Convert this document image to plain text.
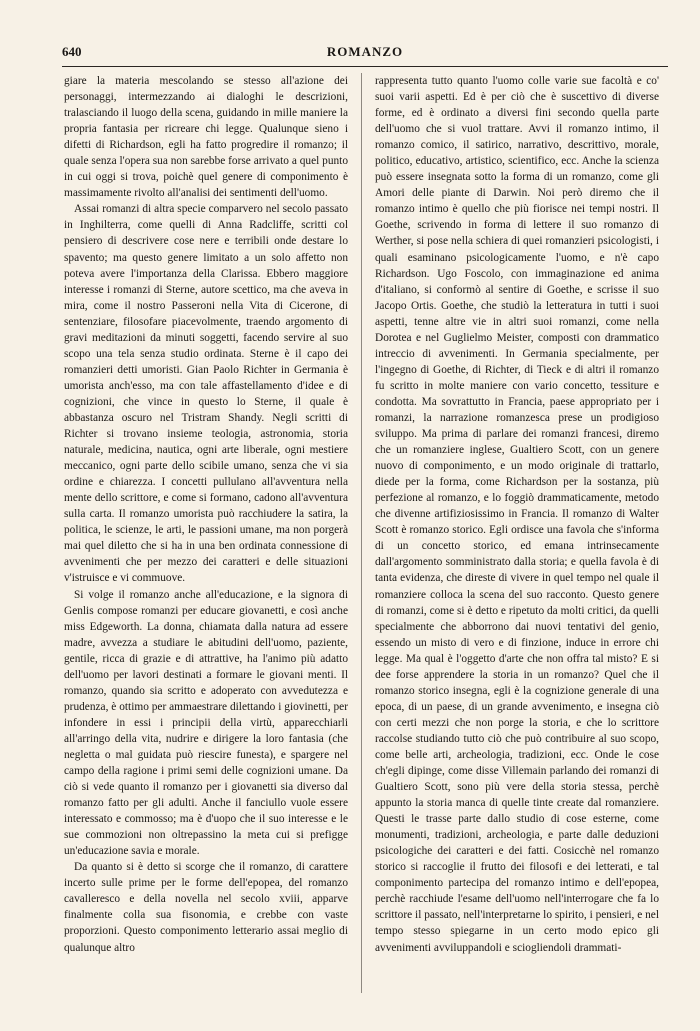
640	ROMANZO

giare la materia mescolando se stesso all'azione dei personaggi, intermezzando ai dialoghi le descrizioni, tralasciando il luogo della scena, guidando in mille maniere la propria fantasia per ricreare chi legge. Qualunque sieno i difetti di Richardson, egli ha fatto progredire il romanzo; il quale senza l'opera sua non sarebbe forse arrivato a quel punto in cui oggi si trova, poichè quel genere di componimento è massimamente rivolto all'analisi dei sentimenti dell'uomo.

Assai romanzi di altra specie comparvero nel secolo passato in Inghilterra, come quelli di Anna Radcliffe, scritti col pensiero di descrivere cose nere e terribili onde destare lo spavento; ma questo genere limitato a un solo affetto non poteva avere l'importanza della Clarissa. Ebbero maggiore interesse i romanzi di Sterne, autore scettico, ma che aveva in mira, come il nostro Passeroni nella Vita di Cicerone, di sentenziare, filosofare piacevolmente, traendo argomento di gravi meditazioni da minuti soggetti, facendo servire al suo scopo una tela senza studio ordinata. Sterne è il capo dei romanzieri detti umoristi. Gian Paolo Richter in Germania è umorista anch'esso, ma con tale affastellamento d'idee e di cognizioni, che vince in questo lo Sterne, il quale è abbastanza oscuro nel Tristram Shandy. Negli scritti di Richter si trovano insieme teologia, astronomia, storia naturale, medicina, nautica, ogni arte liberale, ogni mestiere meccanico, ogni parte dello scibile umano, senza che vi sia ordine e chiarezza. I concetti pullulano all'avventura nella mente dello scrittore, e come si formano, cadono all'avventura sulla carta. Il romanzo umorista può racchiudere la satira, la politica, le scienze, le arti, le passioni umane, ma non porgerà mai quel diletto che si ha in una ben ordinata connessione di avvenimenti che per mezzo dei caratteri e delle situazioni v'istruisce e vi commuove.

Si volge il romanzo anche all'educazione, e la signora di Genlis compose romanzi per educare giovanetti, e così anche miss Edgeworth. La donna, chiamata dalla natura ad essere madre, avvezza a studiare le abitudini dell'uomo, paziente, gentile, ricca di grazie e di attrattive, ha l'animo più adatto dell'uomo per lavori destinati a formare le giovani menti. Il romanzo, quando sia scritto e adoperato con avvedutezza e prudenza, è ottimo per ammaestrare dilettando i giovinetti, per infondere in essi i principii della virtù, apparecchiarli all'arringo della vita, nudrire e dirigere la loro fantasia (che negletta o mal guidata può riescire funesta), e spargere nel campo della ragione i primi semi delle cognizioni umane. Da ciò si vede quanto il romanzo per i giovanetti sia diverso dal romanzo fatto per gli adulti. Anche il fanciullo vuole essere interessato e commosso; ma è d'uopo che il suo interesse e le sue commozioni non oltrepassino la meta cui si prefigge un'educazione savia e morale.

Da quanto si è detto si scorge che il romanzo, di carattere incerto sulle prime per le forme dell'epopea, del romanzo cavalleresco e della novella nel secolo xviii, apparve finalmente colla sua fisonomia, e crebbe con vaste proporzioni. Questo componimento letterario assai meglio di qualunque altro

rappresenta tutto quanto l'uomo colle varie sue facoltà e co' suoi varii aspetti. Ed è per ciò che è suscettivo di diverse forme, ed è ordinato a diversi fini secondo quella parte dell'uomo che si vuol trattare. Avvi il romanzo intimo, il romanzo comico, il satirico, narrativo, descrittivo, morale, politico, educativo, artistico, scientifico, ecc. Anche la scienza può essere insegnata sotto la forma di un romanzo, come gli Amori delle piante di Darwin. Noi però diremo che il romanzo intimo è quello che più fiorisce nei tempi nostri. Il Goethe, scrivendo in forma di lettere il suo romanzo di Werther, si pose nella schiera di quei romanzieri psicologisti, i quali esaminano psicologicamente l'uomo, e n'è capo Richardson. Ugo Foscolo, con immaginazione ed anima d'italiano, si conformò al sentire di Goethe, e scrisse il suo Jacopo Ortis. Goethe, che studiò la letteratura in tutti i suoi aspetti, tenne altre vie in altri suoi romanzi, come nella Dorotea e nel Guglielmo Meister, composti con drammatico intreccio di avvenimenti. In Germania specialmente, per l'ingegno di Goethe, di Richter, di Tieck e di altri il romanzo fu scritto in molte maniere con vario concetto, tessiture e condotta. Ma sovrattutto in Francia, paese appropriato per i romanzi, la narrazione romanzesca prese un prodigioso sviluppo. Ma prima di parlare dei romanzi francesi, diremo che un romanziere inglese, Gualtiero Scott, con un genere nuovo di componimento, e un modo originale di trattarlo, diede per la forma, come Richardson per la sostanza, più perfezione al romanzo, e lo foggiò drammaticamente, metodo che divenne artifiziosissimo in Francia. Il romanzo di Walter Scott è romanzo storico. Egli ordisce una favola che s'informa di un concetto storico, ed emana intrinsecamente dall'argomento somministrato dalla storia; e quella favola è di tanta evidenza, che direste di vivere in quel tempo nel quale il romanziere colloca la scena del suo racconto. Questo genere di romanzi, come si è detto e ripetuto da molti critici, da quelli specialmente che abborrono dai nuovi tentativi del genio, essendo un misto di vero e di finzione, induce in errore chi legge. Ma qual è l'oggetto d'arte che non offra tal misto? E si dee forse apprendere la storia in un romanzo? Quel che il romanzo storico insegna, egli è la cognizione generale di una epoca, di un paese, di un grande avvenimento, e insegna ciò con certi mezzi che non porge la storia, e che lo scrittore raccolse studiando tutto ciò che può contribuire al suo scopo, come belle arti, archeologia, tradizioni, ecc. Onde le cose ch'egli dipinge, come disse Villemain parlando dei romanzi di Gualtiero Scott, sono più vere della storia stessa, perchè appunto la storia manca di quelle tinte create dal romanziere. Questi le trasse parte dallo studio di cose esterne, come monumenti, tradizioni, archeologia, e parte dalle deduzioni psicologiche dei caratteri e dei fatti. Cosicchè nel romanzo storico si raccoglie il frutto dei filosofi e dei letterati, e tal componimento partecipa del romanzo intimo e dell'epopea, perchè racchiude l'esame dell'uomo nell'interrogare che fa lo scrittore il passato, nell'interpretarne lo spirito, i pensieri, e nel tempo stesso spiegarne in un certo modo epico gli avvenimenti avviluppandoli e sciogliendoli drammati-
